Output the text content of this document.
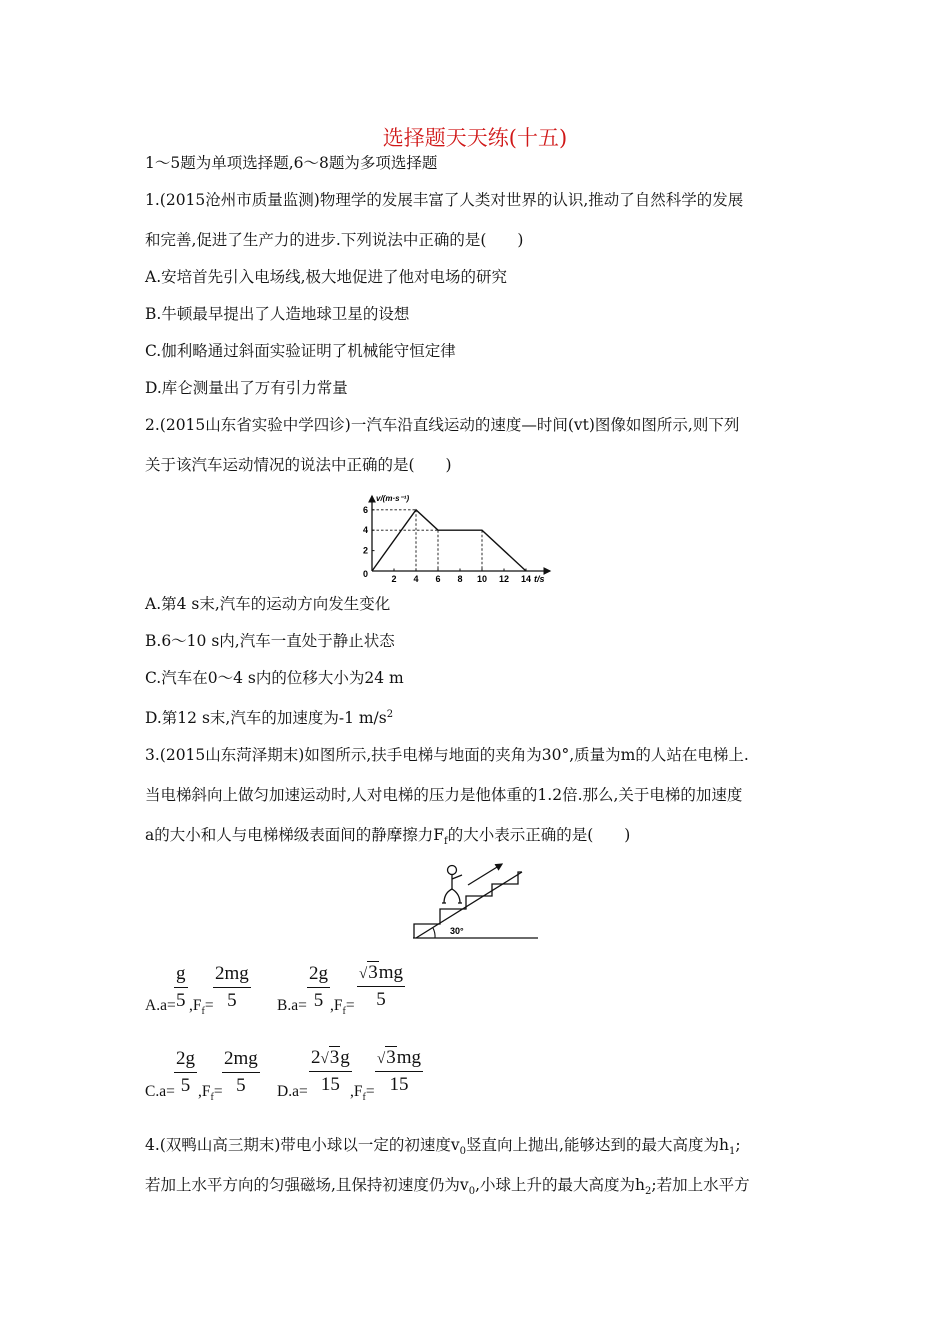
选择题天天练(十五)
1～5题为单项选择题,6～8题为多项选择题
1.(2015沧州市质量监测)物理学的发展丰富了人类对世界的认识,推动了自然科学的发展
和完善,促进了生产力的进步.下列说法中正确的是(　　)
A.安培首先引入电场线,极大地促进了他对电场的研究
B.牛顿最早提出了人造地球卫星的设想
C.伽利略通过斜面实验证明了机械能守恒定律
D.库仑测量出了万有引力常量
2.(2015山东省实验中学四诊)一汽车沿直线运动的速度—时间(vt)图像如图所示,则下列
关于该汽车运动情况的说法中正确的是(　　)
v/(m·s⁻¹)
t/s
0	2 4 6 8 10 12 14
2
4
6
A.第4 s末,汽车的运动方向发生变化
B.6～10 s内,汽车一直处于静止状态
C.汽车在0～4 s内的位移大小为24 m
D.第12 s末,汽车的加速度为-1 $m/s^2$
3.(2015山东菏泽期末)如图所示,扶手电梯与地面的夹角为30°,质量为m的人站在电梯上.
当电梯斜向上做匀加速运动时,人对电梯的压力是他体重的1.2倍.那么,关于电梯的加速度
a的大小和人与电梯梯级表面间的静摩擦力$F_f$的大小表示正确的是(　　)
30°
A.a=
$\frac{g}{5} ,F_f= \frac{2mg}{5} B.a= \frac{2g}{5} ,F_f= \frac{√3mg}{5}$
$C.a= \frac{2g}{5} ,F_f= \frac{2mg}{5} D.a= \frac{2√3g}{15}$
$,F_f= \frac{√3mg}{15}$
4.(双鸭山高三期末)带电小球以一定的初速度$v_0$竖直向上抛出,能够达到的最大高度为$h_1$;
若加上水平方向的匀强磁场,且保持初速度仍为$v_0$,小球上升的最大高度为$h_2$;若加上水平方
